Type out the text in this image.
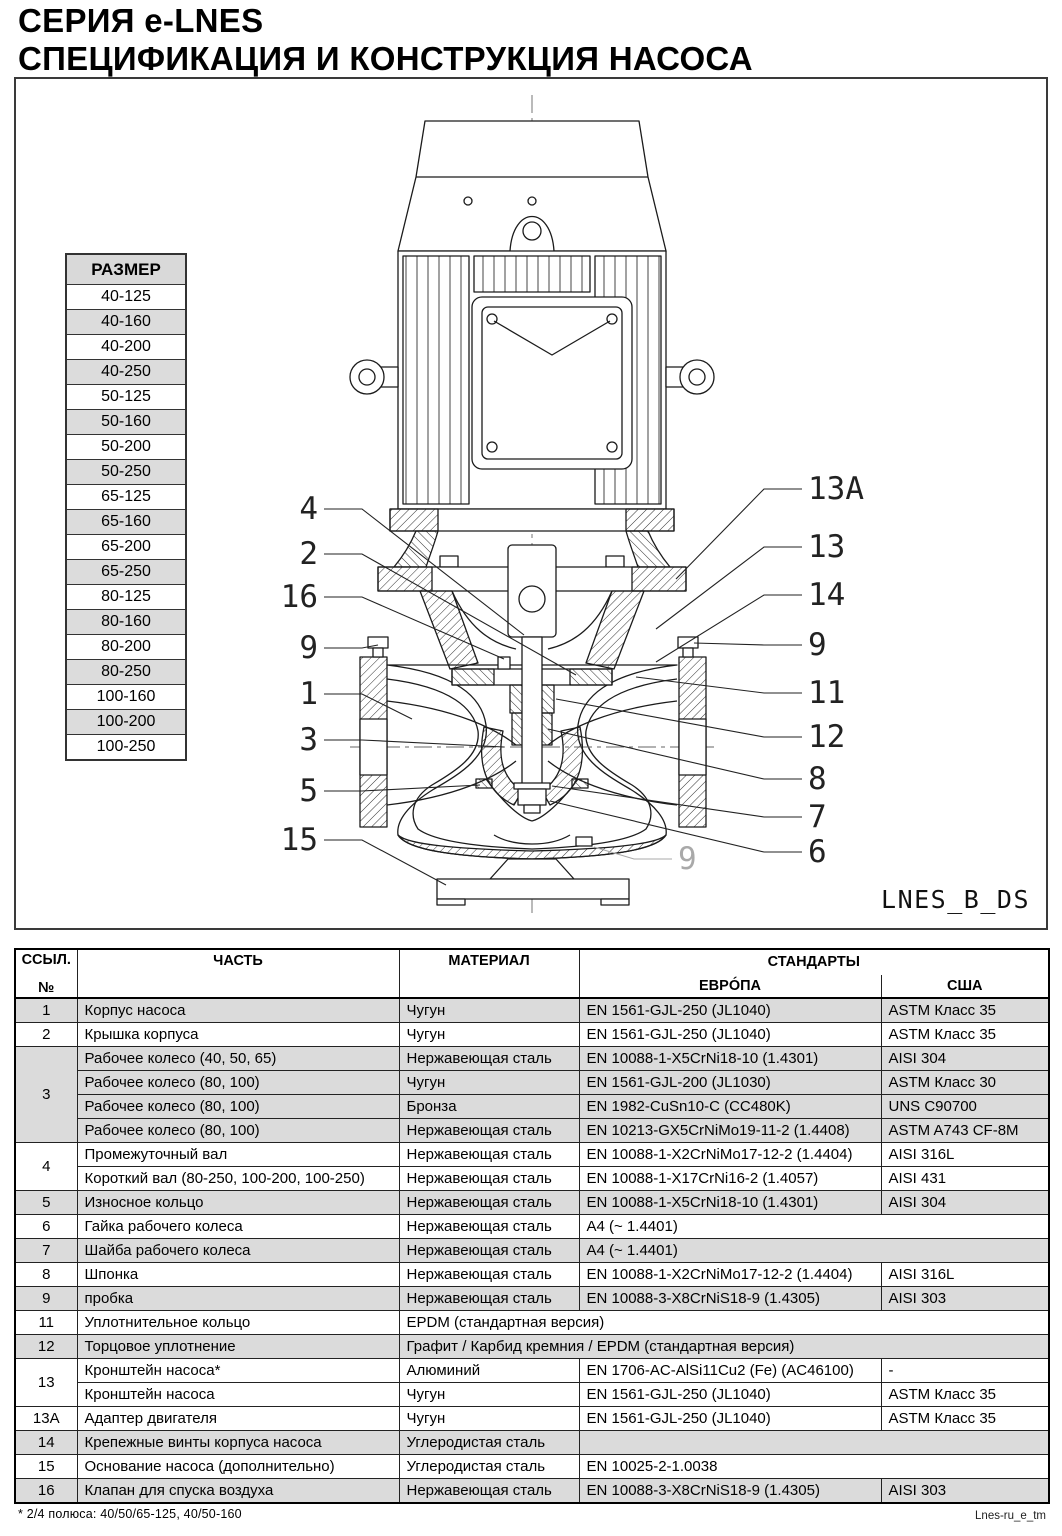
СЕРИЯ e-LNES
СПЕЦИФИКАЦИЯ И КОНСТРУКЦИЯ НАСОСА
4
2
16
9
1
3
5
15
13A
13
14
9
11
12
8
7
6
9
РАЗМЕР
40-125
40-160
40-200
40-250
50-125
50-160
50-200
50-250
65-125
65-160
65-200
65-250
80-125
80-160
80-200
80-250
100-160
100-200
100-250
LNES_B_DS
ССЫЛ.
№	ЧАСТЬ	МАТЕРИАЛ	СТАНДАРТЫ	
			ЕВРÓПА	США
1	Корпус насоса	Чугун	EN 1561-GJL-250 (JL1040)	ASTM Класс 35
2	Крышка корпуса	Чугун	EN 1561-GJL-250 (JL1040)	ASTM Класс 35
3	Рабочее колесо (40, 50, 65)	Нержавеющая сталь	EN 10088-1-X5CrNi18-10 (1.4301)	AISI 304
	Рабочее колесо (80, 100)	Чугун	EN 1561-GJL-200 (JL1030)	ASTM Класс 30
	Рабочее колесо (80, 100)	Бронза	EN 1982-CuSn10-C (CC480K)	UNS C90700
	Рабочее колесо (80, 100)	Нержавеющая сталь	EN 10213-GX5CrNiMo19-11-2 (1.4408)	ASTM A743 CF-8M
4	Промежуточный вал	Нержавеющая сталь	EN 10088-1-X2CrNiMo17-12-2 (1.4404)	AISI 316L
	Короткий вал (80-250, 100-200, 100-250)	Нержавеющая сталь	EN 10088-1-X17CrNi16-2 (1.4057)	AISI 431
5	Износное кольцо	Нержавеющая сталь	EN 10088-1-X5CrNi18-10 (1.4301)	AISI 304
6	Гайка рабочего колеса	Нержавеющая сталь	A4 (~ 1.4401)	
7	Шайба рабочего колеса	Нержавеющая сталь	A4 (~ 1.4401)	
8	Шпонка	Нержавеющая сталь	EN 10088-1-X2CrNiMo17-12-2 (1.4404)	AISI 316L
9	пробка	Нержавеющая сталь	EN 10088-3-X8CrNiS18-9 (1.4305)	AISI 303
11	Уплотнительное кольцо	EPDM (стандартная версия)		
12	Торцовое уплотнение	Графит / Карбид кремния / EPDM (стандартная версия)		
13	Кронштейн насоса*	Алюминий	EN 1706-AC-AlSi11Cu2 (Fe) (AC46100)	-
	Кронштейн насоса	Чугун	EN 1561-GJL-250 (JL1040)	ASTM Класс 35
13A	Адаптер двигателя	Чугун	EN 1561-GJL-250 (JL1040)	ASTM Класс 35
14	Крепежные винты корпуса насоса	Углеродистая сталь		
15	Основание насоса (дополнительно)	Углеродистая сталь	EN 10025-2-1.0038	
16	Клапан для спуска воздуха	Нержавеющая сталь	EN 10088-3-X8CrNiS18-9 (1.4305)	AISI 303
* 2/4 полюса: 40/50/65-125, 40/50-160	Lnes-ru_e_tm
